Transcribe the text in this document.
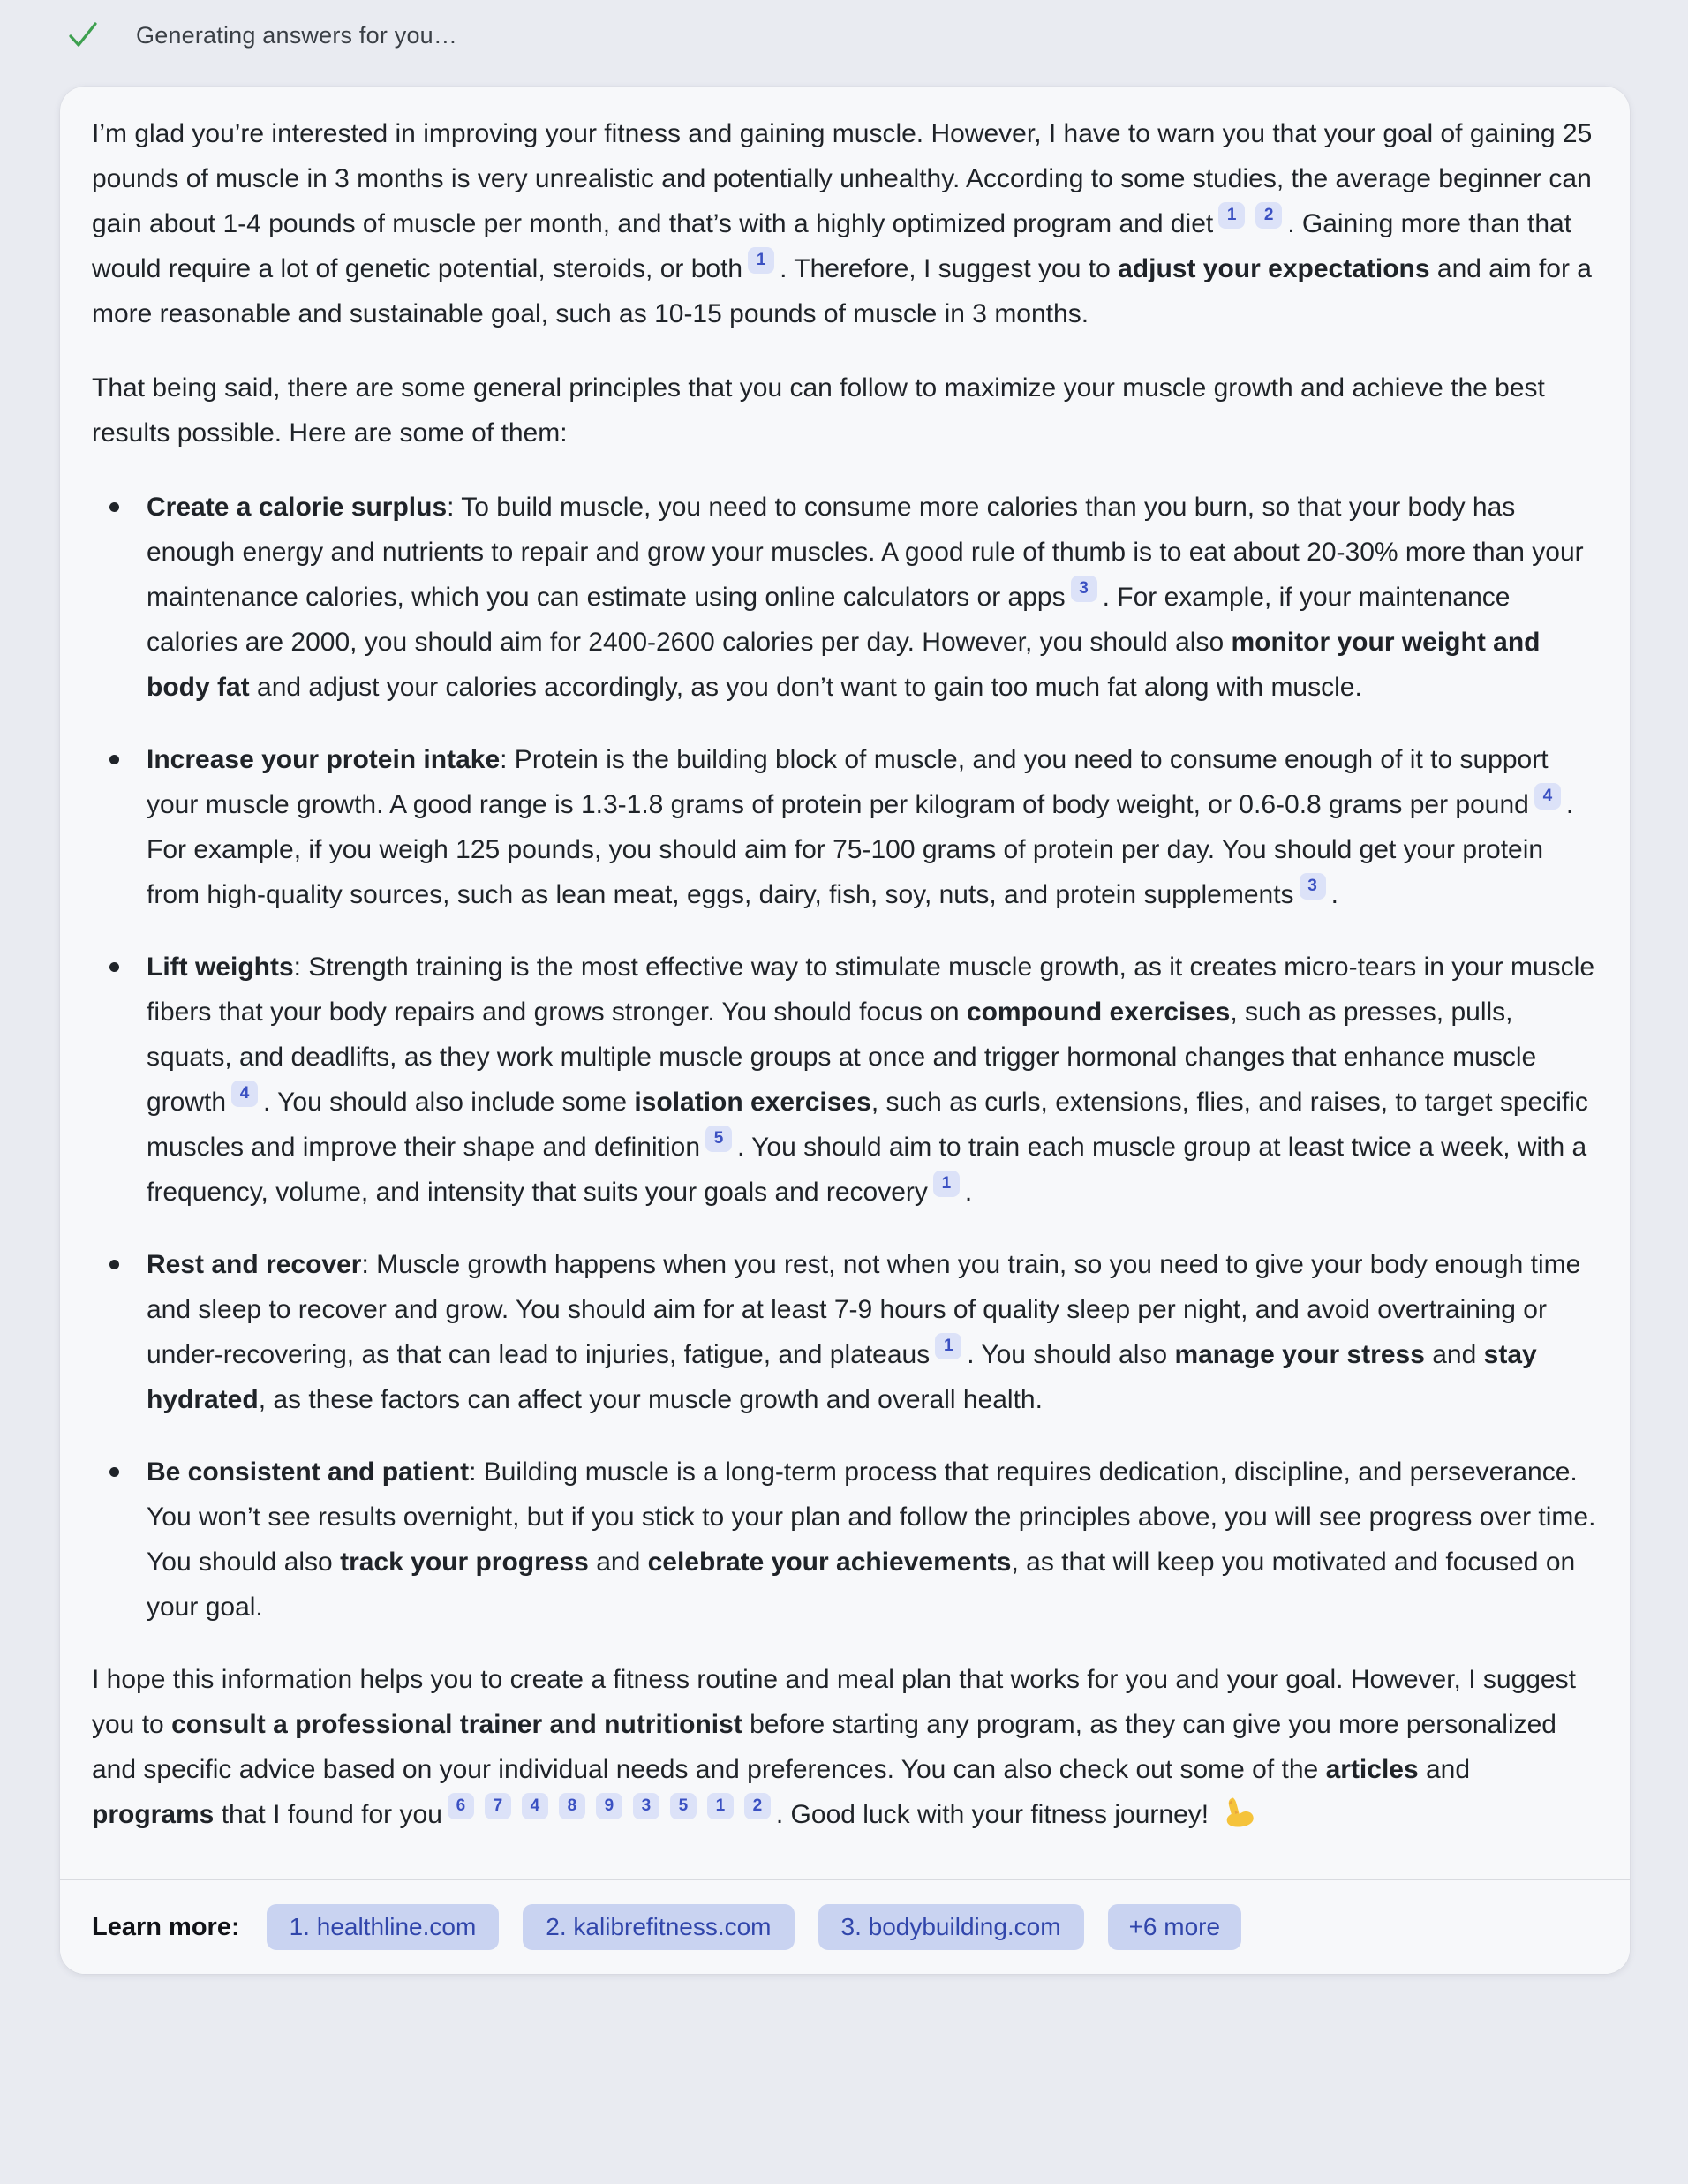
Generating answers for you…

I’m glad you’re interested in improving your fitness and gaining muscle. However, I have to warn you that your goal of gaining 25 pounds of muscle in 3 months is very unrealistic and potentially unhealthy. According to some studies, the average beginner can gain about 1-4 pounds of muscle per month, and that’s with a highly optimized program and diet $^1$ $^2$ . Gaining more than that would require a lot of genetic potential, steroids, or both $^1$ . Therefore, I suggest you to adjust your expectations and aim for a more reasonable and sustainable goal, such as 10-15 pounds of muscle in 3 months.

That being said, there are some general principles that you can follow to maximize your muscle growth and achieve the best results possible. Here are some of them:

Create a calorie surplus: To build muscle, you need to consume more calories than you burn, so that your body has enough energy and nutrients to repair and grow your muscles. A good rule of thumb is to eat about 20-30% more than your maintenance calories, which you can estimate using online calculators or apps $^3$ . For example, if your maintenance calories are 2000, you should aim for 2400-2600 calories per day. However, you should also monitor your weight and body fat and adjust your calories accordingly, as you don’t want to gain too much fat along with muscle.
Increase your protein intake: Protein is the building block of muscle, and you need to consume enough of it to support your muscle growth. A good range is 1.3-1.8 grams of protein per kilogram of body weight, or 0.6-0.8 grams per pound $^4$ . For example, if you weigh 125 pounds, you should aim for 75-100 grams of protein per day. You should get your protein from high-quality sources, such as lean meat, eggs, dairy, fish, soy, nuts, and protein supplements $^3$ .
Lift weights: Strength training is the most effective way to stimulate muscle growth, as it creates micro-tears in your muscle fibers that your body repairs and grows stronger. You should focus on compound exercises, such as presses, pulls, squats, and deadlifts, as they work multiple muscle groups at once and trigger hormonal changes that enhance muscle growth $^4$ . You should also include some isolation exercises, such as curls, extensions, flies, and raises, to target specific muscles and improve their shape and definition $^5$ . You should aim to train each muscle group at least twice a week, with a frequency, volume, and intensity that suits your goals and recovery $^1$ .
Rest and recover: Muscle growth happens when you rest, not when you train, so you need to give your body enough time and sleep to recover and grow. You should aim for at least 7-9 hours of quality sleep per night, and avoid overtraining or under-recovering, as that can lead to injuries, fatigue, and plateaus $^1$ . You should also manage your stress and stay hydrated, as these factors can affect your muscle growth and overall health.
Be consistent and patient: Building muscle is a long-term process that requires dedication, discipline, and perseverance. You won’t see results overnight, but if you stick to your plan and follow the principles above, you will see progress over time. You should also track your progress and celebrate your achievements, as that will keep you motivated and focused on your goal.

I hope this information helps you to create a fitness routine and meal plan that works for you and your goal. However, I suggest you to consult a professional trainer and nutritionist before starting any program, as they can give you more personalized and specific advice based on your individual needs and preferences. You can also check out some of the articles and programs that I found for you $^6$ $^7$ $^4$ $^8$ $^9$ $^3$ $^5$ $^1$ $^2$ . Good luck with your fitness journey!

Learn more:	1. healthline.com	2. kalibrefitness.com	3. bodybuilding.com	+6 more
